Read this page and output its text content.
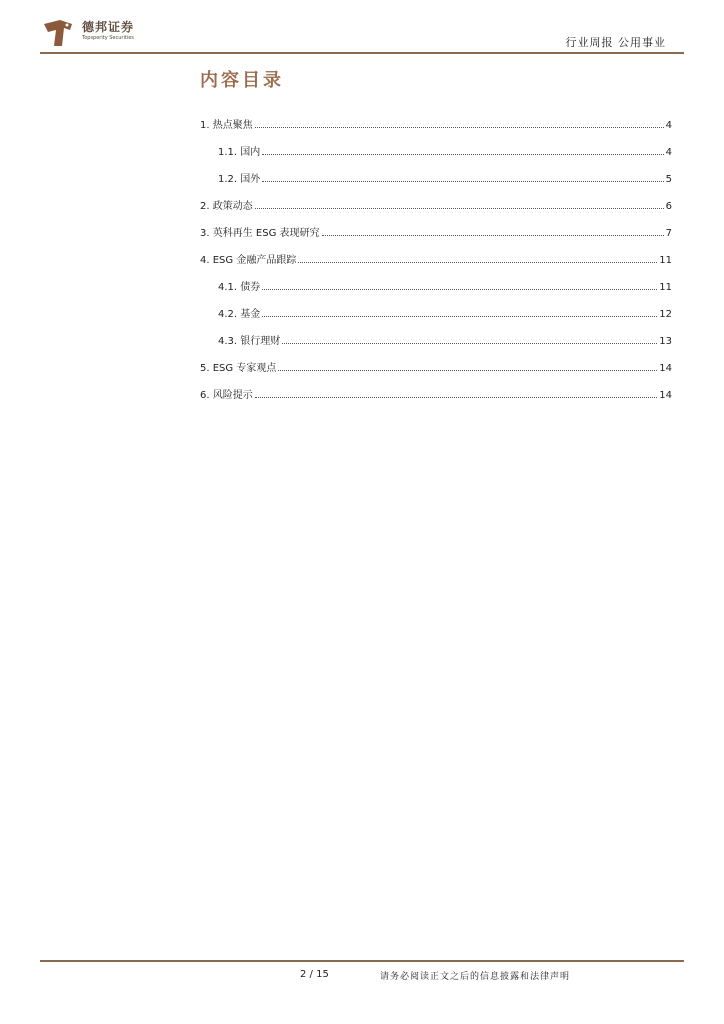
德邦证券
Topsperity Securities	行业周报 公用事业
内容目录
1. 热点聚焦	4
1.1. 国内	4
1.2. 国外	5
2. 政策动态	6
3. 英科再生 ESG 表现研究	7
4. ESG 金融产品跟踪	11
4.1. 债券	11
4.2. 基金	12
4.3. 银行理财	13
5. ESG 专家观点	14
6. 风险提示	14
2 / 15	请务必阅读正文之后的信息披露和法律声明
